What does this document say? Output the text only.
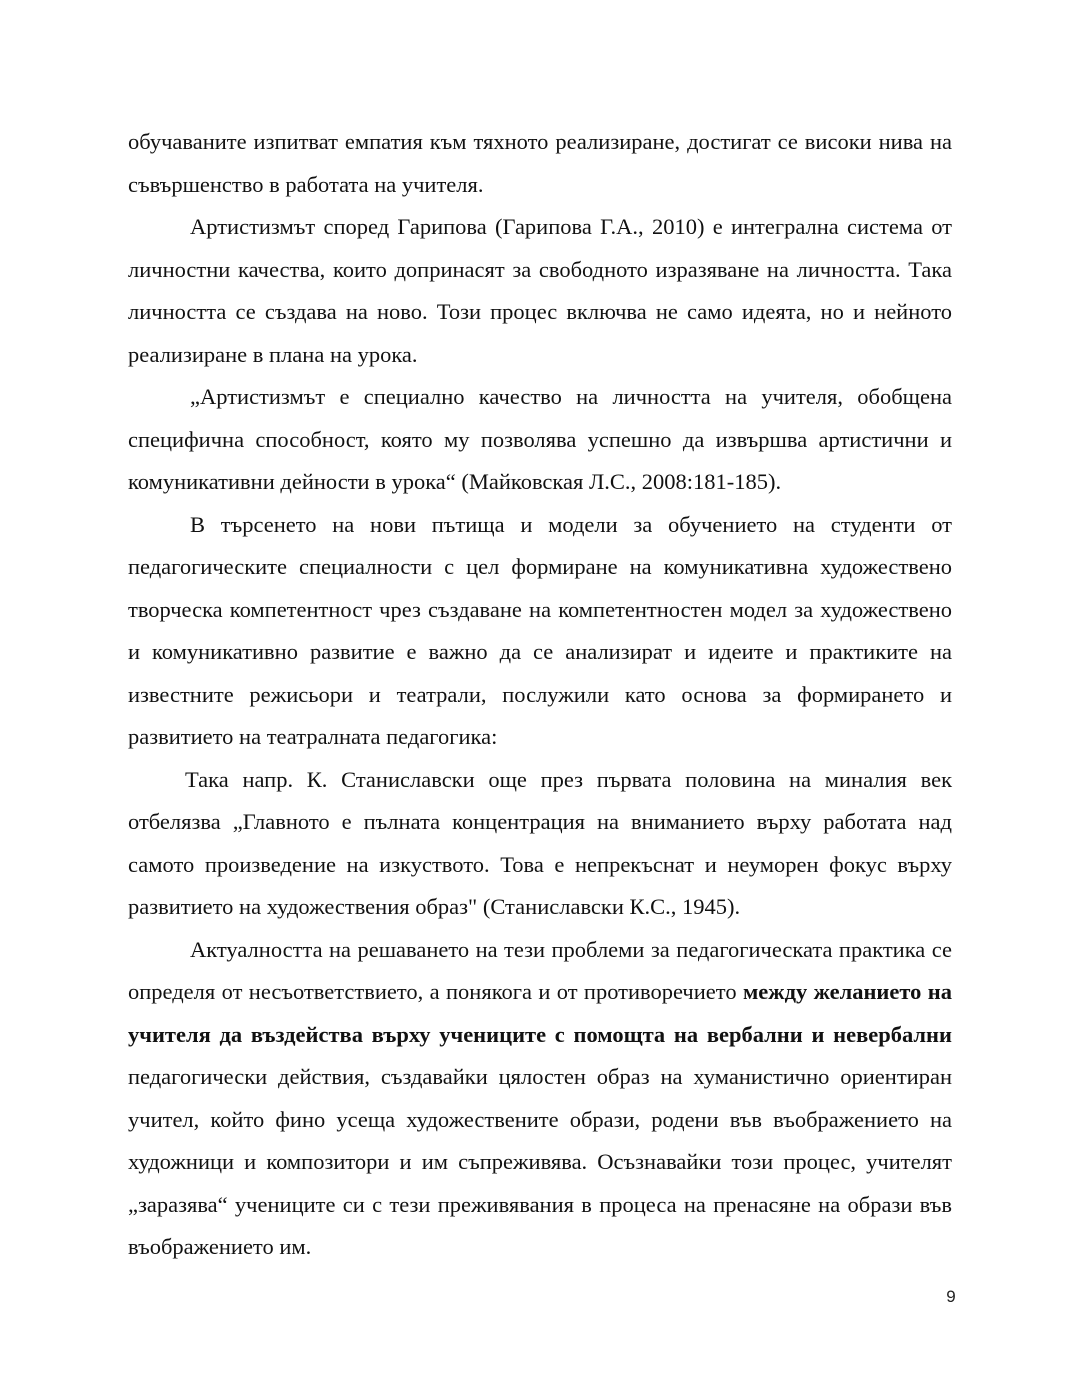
обучаваните изпитват емпатия към тяхното реализиране, достигат се високи нива на съвършенство в работата на учителя.

Артистизмът според Гарипова (Гарипова Г.А., 2010) е интегрална система от личностни качества, които допринасят за свободното изразяване на личността. Така личността се създава на ново. Този процес включва не само идеята, но и нейното реализиране в плана на урока.

„Артистизмът е специално качество на личността на учителя, обобщена специфична способност, която му позволява успешно да извършва артистични и комуникативни дейности в урока“ (Майковская Л.С., 2008:181-185).

В търсенето на нови пътища и модели за обучението на студенти от педагогическите специалности с цел формиране на комуникативна художествено творческа компетентност чрез създаване на компетентностен модел за художествено и комуникативно развитие е важно да се анализират и идеите и практиките на известните режисьори и театрали, послужили като основа за формирането и развитието на театралната педагогика:

Така напр. К. Станиславски още през първата половина на миналия век отбелязва „Главното е пълната концентрация на вниманието върху работата над самото произведение на изкуството. Това е непрекъснат и неуморен фокус върху развитието на художествения образ" (Станиславски К.С., 1945).

Актуалността на решаването на тези проблеми за педагогическата практика се определя от несъответствието, а понякога и от противоречието между желанието на учителя да въздейства върху учениците с помощта на вербални и невербални педагогически действия, създавайки цялостен образ на хуманистично ориентиран учител, който фино усеща художествените образи, родени във въображението на художници и композитори и им съпреживява. Осъзнавайки този процес, учителят „заразява“ учениците си с тези преживявания в процеса на пренасяне на образи във въображението им.

9
